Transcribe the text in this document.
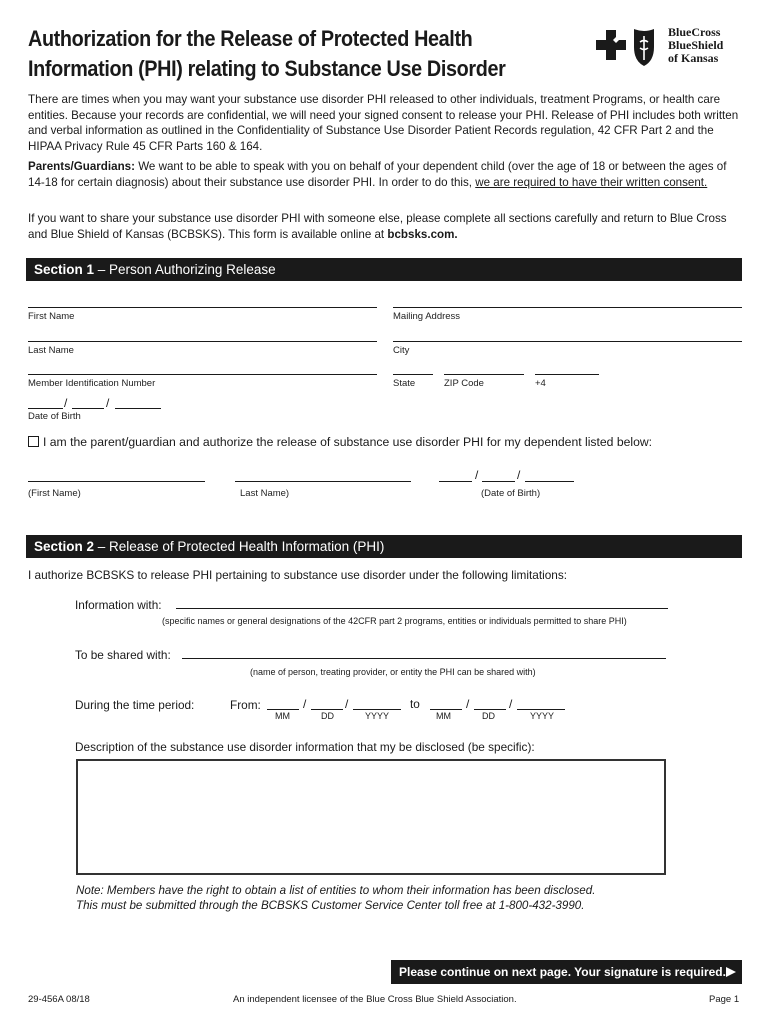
Authorization for the Release of Protected Health
Information (PHI) relating to Substance Use Disorder
BlueCross
BlueShield
of Kansas
There are times when you may want your substance use disorder PHI released to other individuals, treatment Programs, or health care entities. Because your records are confidential, we will need your signed consent to release your PHI. Release of PHI includes both written and verbal information as outlined in the Confidentiality of Substance Use Disorder Patient Records regulation, 42 CFR Part 2 and the HIPAA Privacy Rule 45 CFR Parts 160 & 164.
Parents/Guardians: We want to be able to speak with you on behalf of your dependent child (over the age of 18 or between the ages of 14-18 for certain diagnosis) about their substance use disorder PHI. In order to do this, we are required to have their written consent.
If you want to share your substance use disorder PHI with someone else, please complete all sections carefully and return to Blue Cross and Blue Shield of Kansas (BCBSKS). This form is available online at bcbsks.com.
Section 1 – Person Authorizing Release
First Name	Mailing Address
Last Name	City
Member Identification Number	State	ZIP Code	+4
/	/
Date of Birth
I am the parent/guardian and authorize the release of substance use disorder PHI for my dependent listed below:
(First Name)	Last Name)
/	/
(Date of Birth)
Section 2 – Release of Protected Health Information (PHI)
I authorize BCBSKS to release PHI pertaining to substance use disorder under the following limitations:
Information with:
(specific names or general designations of the 42CFR part 2 programs, entities or individuals permitted to share PHI)
To be shared with:
(name of person, treating provider, or entity the PHI can be shared with)
During the time period:	From:	/	/
MM	DD	YYYY
to	/	/
MM	DD	YYYY
Description of the substance use disorder information that my be disclosed (be specific):
Note: Members have the right to obtain a list of entities to whom their information has been disclosed.
This must be submitted through the BCBSKS Customer Service Center toll free at 1-800-432-3990.
Please continue on next page. Your signature is required.
29-456A 08/18	An independent licensee of the Blue Cross Blue Shield Association.	Page 1
